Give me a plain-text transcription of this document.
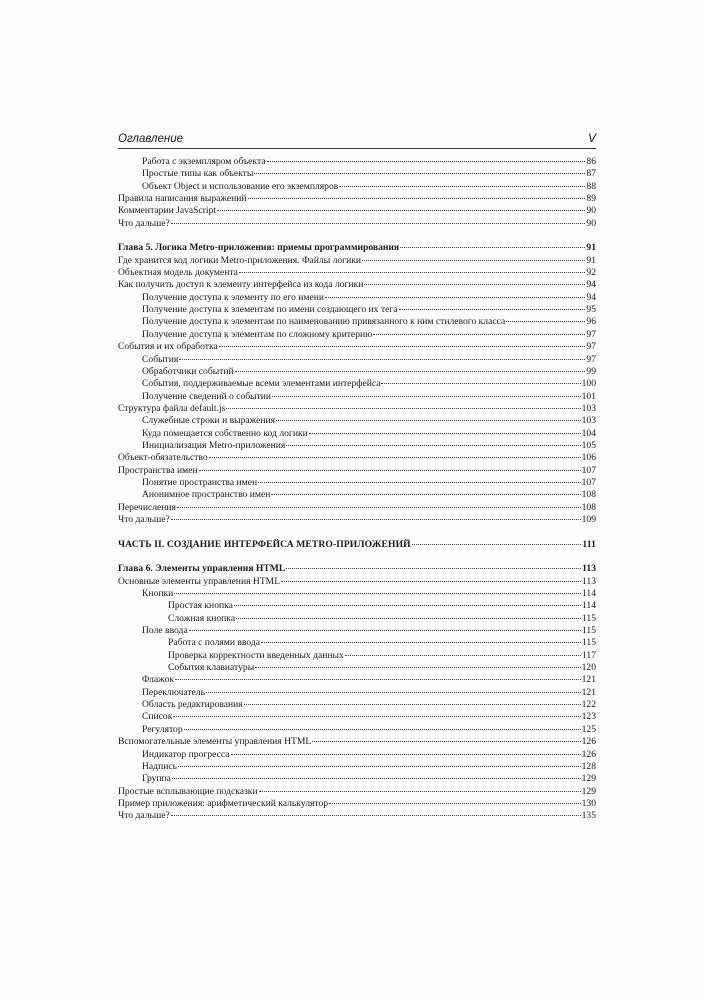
Оглавление	V
Работа с экземпляром объекта	86
Простые типы как объекты	87
Объект Object и использование его экземпляров	88
Правила написания выражений	89
Комментарии JavaScript	90
Что дальше?	90
Глава 5. Логика Metro-приложения: приемы программирования	91
Где хранится код логики Metro-приложения. Файлы логики	91
Объектная модель документа	92
Как получить доступ к элементу интерфейса из кода логики	94
Получение доступа к элементу по его имени	94
Получение доступа к элементам по имени создающего их тега	95
Получение доступа к элементам по наименованию привязанного к ним стилевого класса	96
Получение доступа к элементам по сложному критерию	97
События и их обработка	97
События	97
Обработчики событий	99
События, поддерживаемые всеми элементами интерфейса	100
Получение сведений о событии	101
Структура файла default.js	103
Служебные строки и выражения	103
Куда помещается собственно код логики	104
Инициализация Metro-приложения	105
Объект-обязательство	106
Пространства имен	107
Понятие пространства имен	107
Анонимное пространство имен	108
Перечисления	108
Что дальше?	109
ЧАСТЬ II. СОЗДАНИЕ ИНТЕРФЕЙСА METRO-ПРИЛОЖЕНИЙ	111
Глава 6. Элементы управления HTML	113
Основные элементы управления HTML	113
Кнопки	114
Простая кнопка	114
Сложная кнопка	115
Поле ввода	115
Работа с полями ввода	115
Проверка корректности введенных данных	117
События клавиатуры	120
Флажок	121
Переключатель	121
Область редактирования	122
Список	123
Регулятор	125
Вспомогательные элементы управления HTML	126
Индикатор прогресса	126
Надпись	128
Группа	129
Простые всплывающие подсказки	129
Пример приложения: арифметический калькулятор	130
Что дальше?	135
